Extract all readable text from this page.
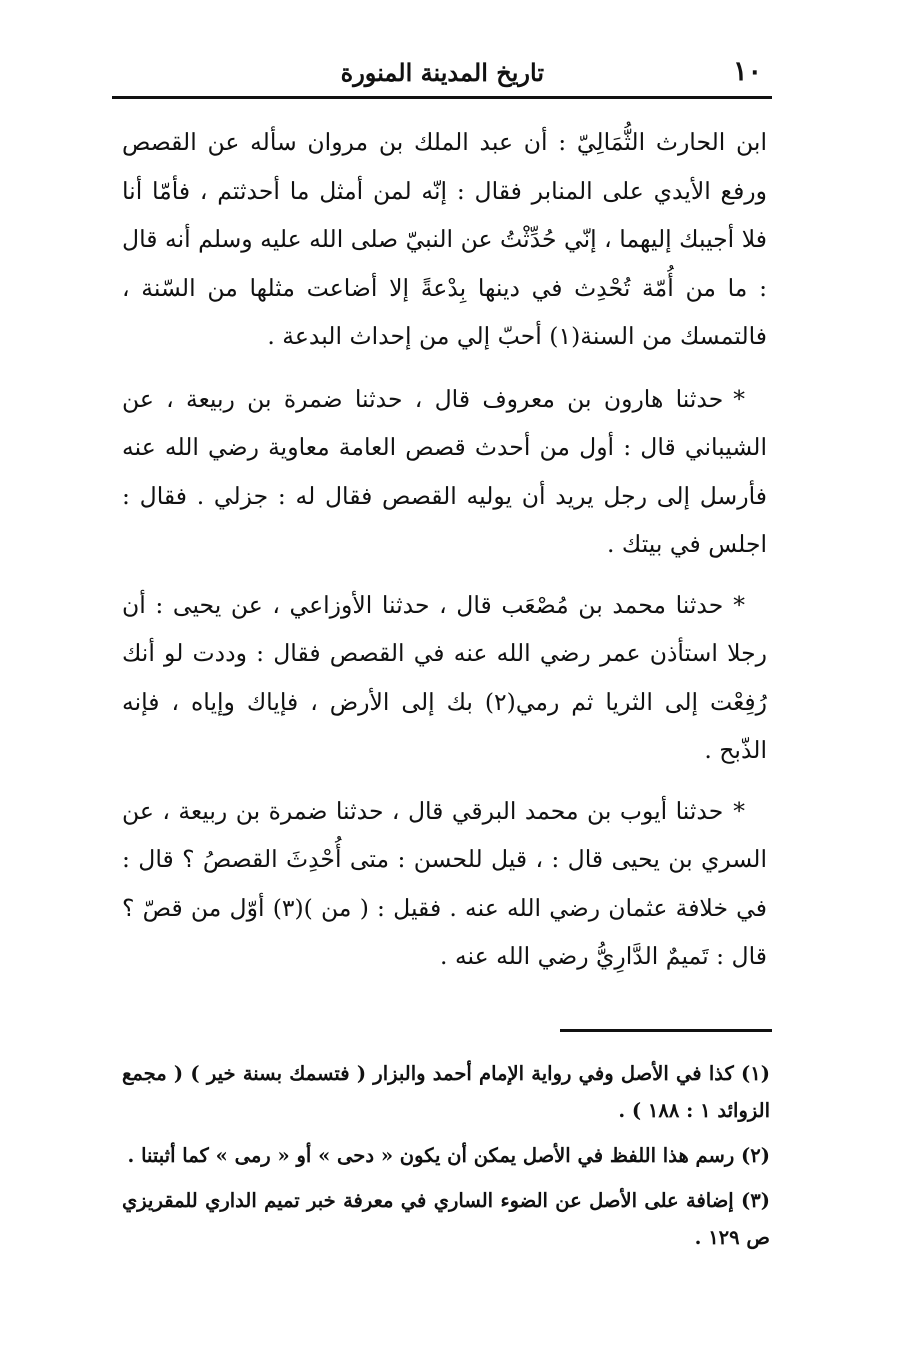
١٠
تاريخ المدينة المنورة

ابن الحارث الثُّمَالِيّ : أن عبد الملك بن مروان سأله عن القصص ورفع الأيدي على المنابر فقال : إنّه لمن أمثل ما أحدثتم ، فأمّا أنا فلا أجيبك إليهما ، إنّي حُدِّثْتُ عن النبيّ صلى الله عليه وسلم أنه قال : ما من أُمّة تُحْدِث في دينها بِدْعةً إلا أضاعت مثلها من السّنة ، فالتمسك من السنة(١) أحبّ إلي من إحداث البدعة .

*حدثنا هارون بن معروف قال ، حدثنا ضمرة بن ربيعة ، عن الشيباني قال : أول من أحدث قصص العامة معاوية رضي الله عنه فأرسل إلى رجل يريد أن يوليه القصص فقال له : جزلي . فقال : اجلس في بيتك .

*حدثنا محمد بن مُصْعَب قال ، حدثنا الأوزاعي ، عن يحيى : أن رجلا استأذن عمر رضي الله عنه في القصص فقال : وددت لو أنك رُفِعْت إلى الثريا ثم رمي(٢) بك إلى الأرض ، فإياك وإياه ، فإنه الذّبح .

*حدثنا أيوب بن محمد البرقي قال ، حدثنا ضمرة بن ربيعة ، عن السري بن يحيى قال : ، قيل للحسن : متى أُحْدِثَ القصصُ ؟ قال : في خلافة عثمان رضي الله عنه . فقيل : ( من )(٣) أوّل من قصّ ؟ قال : تَميمٌ الدَّارِيُّ رضي الله عنه .

(١) كذا في الأصل وفي رواية الإمام أحمد والبزار ( فتسمك بسنة خير ) ( مجمع الزوائد ١ : ١٨٨ ) .

(٢) رسم هذا اللفظ في الأصل يمكن أن يكون « دحى » أو « رمى » كما أثبتنا .

(٣) إضافة على الأصل عن الضوء الساري في معرفة خبر تميم الداري للمقريزي ص ١٢٩ .
